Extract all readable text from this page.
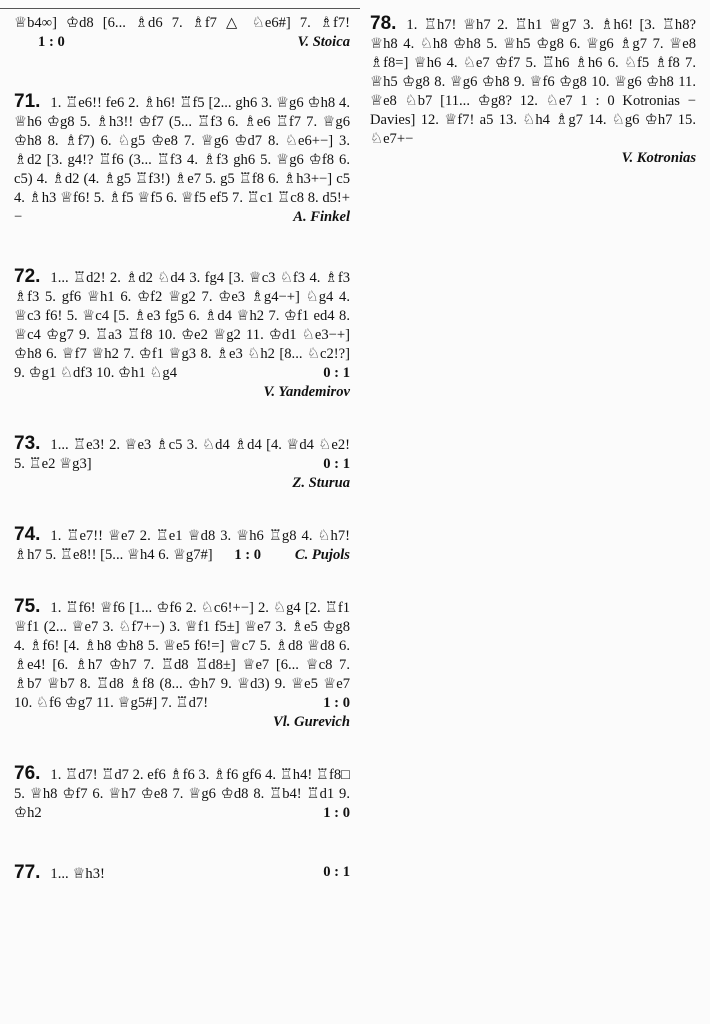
♕b4∞] ♔d8 [6... ♗d6 7. ♗f7 △ ♘e6#] 7. ♗f7! 1 : 0	V. Stoica
71. 1. ♖e6!! fe6 2. ♗h6! ♖f5 [2... gh6 3. ♕g6 ♔h8 4. ♕h6 ♔g8 5. ♗h3!! ♔f7 (5... ♖f3 6. ♗e6 ♖f7 7. ♕g6 ♔h8 8. ♗f7) 6. ♘g5 ♔e8 7. ♕g6 ♔d7 8. ♘e6+−] 3. ♗d2 [3. g4!? ♖f6 (3... ♖f3 4. ♗f3 gh6 5. ♕g6 ♔f8 6. c5) 4. ♗d2 (4. ♗g5 ♖f3!) ♗e7 5. g5 ♖f8 6. ♗h3+−] c5 4. ♗h3 ♕f6! 5. ♗f5 ♕f5 6. ♕f5 ef5 7. ♖c1 ♖c8 8. d5!+−	A. Finkel
72. 1... ♖d2! 2. ♗d2 ♘d4 3. fg4 [3. ♕c3 ♘f3 4. ♗f3 ♗f3 5. gf6 ♕h1 6. ♔f2 ♕g2 7. ♔e3 ♗g4−+] ♘g4 4. ♕c3 f6! 5. ♕c4 [5. ♗e3 fg5 6. ♗d4 ♕h2 7. ♔f1 ed4 8. ♕c4 ♔g7 9. ♖a3 ♖f8 10. ♔e2 ♕g2 11. ♔d1 ♘e3−+] ♔h8 6. ♕f7 ♕h2 7. ♔f1 ♕g3 8. ♗e3 ♘h2 [8... ♘c2!?] 9. ♔g1 ♘df3 10. ♔h1 ♘g4	0 : 1
V. Yandemirov
73. 1... ♖e3! 2. ♕e3 ♗c5 3. ♘d4 ♗d4 [4. ♕d4 ♘e2! 5. ♖e2 ♕g3]	0 : 1
Z. Sturua
74. 1. ♖e7!! ♕e7 2. ♖e1 ♕d8 3. ♕h6 ♖g8 4. ♘h7! ♗h7 5. ♖e8!! [5... ♕h4 6. ♕g7#] 1 : 0 C. Pujols
75. 1. ♖f6! ♕f6 [1... ♔f6 2. ♘c6!+−] 2. ♘g4 [2. ♖f1 ♕f1 (2... ♕e7 3. ♘f7+−) 3. ♕f1 f5±] ♕e7 3. ♗e5 ♔g8 4. ♗f6! [4. ♗h8 ♔h8 5. ♕e5 f6!=] ♕c7 5. ♗d8 ♕d8 6. ♗e4! [6. ♗h7 ♔h7 7. ♖d8 ♖d8±] ♕e7 [6... ♕c8 7. ♗b7 ♕b7 8. ♖d8 ♗f8 (8... ♔h7 9. ♕d3) 9. ♕e5 ♕e7 10. ♘f6 ♔g7 11. ♕g5#] 7. ♖d7!	1 : 0
Vl. Gurevich
76. 1. ♖d7! ♖d7 2. ef6 ♗f6 3. ♗f6 gf6 4. ♖h4! ♖f8□ 5. ♕h8 ♔f7 6. ♕h7 ♔e8 7. ♕g6 ♔d8 8. ♖b4! ♖d1 9. ♔h2	1 : 0
77. 1... ♕h3!	0 : 1
78. 1. ♖h7! ♕h7 2. ♖h1 ♕g7 3. ♗h6! [3. ♖h8? ♕h8 4. ♘h8 ♔h8 5. ♕h5 ♔g8 6. ♕g6 ♗g7 7. ♕e8 ♗f8=] ♕h6 4. ♘e7 ♔f7 5. ♖h6 ♗h6 6. ♘f5 ♗f8 7. ♕h5 ♔g8 8. ♕g6 ♔h8 9. ♕f6 ♔g8 10. ♕g6 ♔h8 11. ♕e8 ♘b7 [11... ♔g8? 12. ♘e7 1 : 0 Kotronias − Davies] 12. ♕f7! a5 13. ♘h4 ♗g7 14. ♘g6 ♔h7 15. ♘e7+−
V. Kotronias
